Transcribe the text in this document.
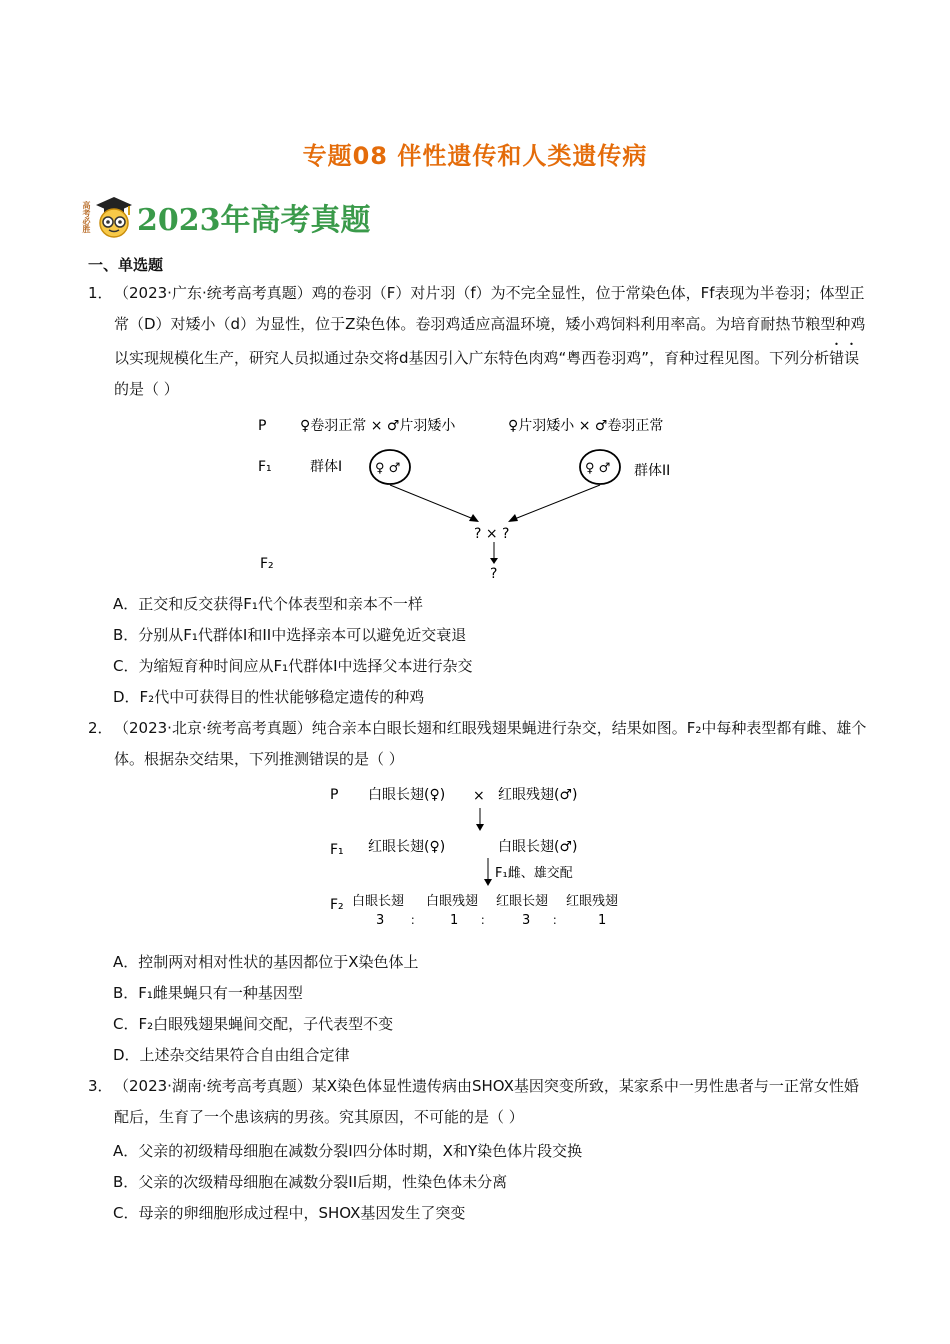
专题08 伴性遗传和人类遗传病
高考必胜 2023年高考真题
一、单选题
1． （2023·广东·统考高考真题）鸡的卷羽（F）对片羽（f）为不完全显性，位于常染色体，Ff表现为半卷羽；体型正常（D）对矮小（d）为显性，位于Z染色体。卷羽鸡适应高温环境，矮小鸡饲料利用率高。为培育耐热节粮型种鸡以实现规模化生产，研究人员拟通过杂交将d基因引入广东特色肉鸡“粤西卷羽鸡”，育种过程见图。下列分析错误的是（ ）
P ♀卷羽正常 × ♂片羽矮小	♀片羽矮小 × ♂卷羽正常
F₁	群体I	♀ ♂	♀ ♂ 群体II
? × ?
F₂
?
A．正交和反交获得F₁代个体表型和亲本不一样
B．分别从F₁代群体I和II中选择亲本可以避免近交衰退
C．为缩短育种时间应从F₁代群体I中选择父本进行杂交
D．F₂代中可获得目的性状能够稳定遗传的种鸡
2． （2023·北京·统考高考真题）纯合亲本白眼长翅和红眼残翅果蝇进行杂交，结果如图。F₂中每种表型都有雌、雄个体。根据杂交结果，下列推测错误的是（ ）
P 白眼长翅(♀) × 红眼残翅(♂)
F₁ 红眼长翅(♀)	白眼长翅(♂)
F₁雌、雄交配
F₂ 白眼长翅 白眼残翅 红眼长翅 红眼残翅
3 ： 1 ： 3 ：	1
A．控制两对相对性状的基因都位于X染色体上
B．F₁雌果蝇只有一种基因型
C．F₂白眼残翅果蝇间交配，子代表型不变
D．上述杂交结果符合自由组合定律
3． （2023·湖南·统考高考真题）某X染色体显性遗传病由SHOX基因突变所致，某家系中一男性患者与一正常女性婚配后，生育了一个患该病的男孩。究其原因，不可能的是（ ）
A．父亲的初级精母细胞在减数分裂I四分体时期，X和Y染色体片段交换
B．父亲的次级精母细胞在减数分裂II后期，性染色体未分离
C．母亲的卵细胞形成过程中，SHOX基因发生了突变
